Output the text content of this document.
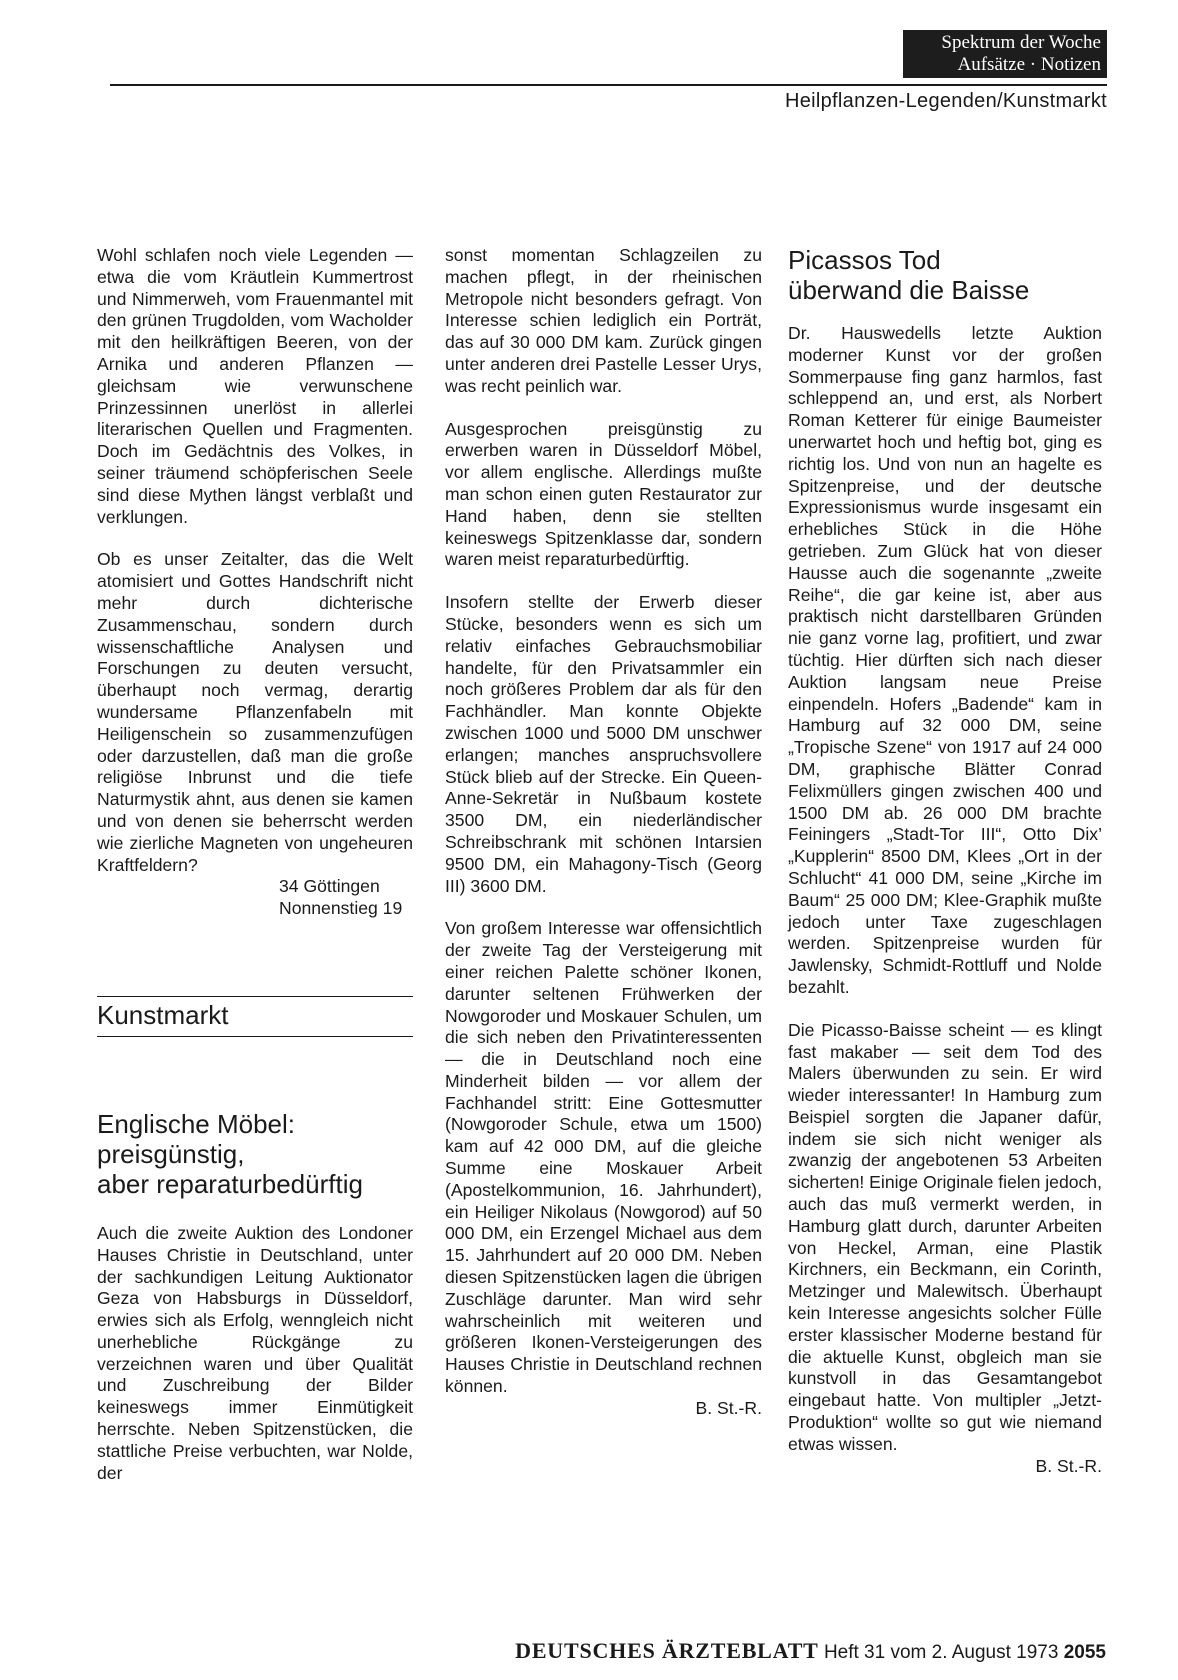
Spektrum der Woche
Aufsätze · Notizen
Heilpflanzen-Legenden/Kunstmarkt

Wohl schlafen noch viele Legenden — etwa die vom Kräutlein Kummertrost und Nimmerweh, vom Frauenmantel mit den grünen Trugdolden, vom Wacholder mit den heilkräftigen Beeren, von der Arnika und anderen Pflanzen — gleichsam wie verwunschene Prinzessinnen unerlöst in allerlei literarischen Quellen und Fragmenten. Doch im Gedächtnis des Volkes, in seiner träumend schöpferischen Seele sind diese Mythen längst verblaßt und verklungen.

Ob es unser Zeitalter, das die Welt atomisiert und Gottes Handschrift nicht mehr durch dichterische Zusammenschau, sondern durch wissenschaftliche Analysen und Forschungen zu deuten versucht, überhaupt noch vermag, derartig wundersame Pflanzenfabeln mit Heiligenschein so zusammenzufügen oder darzustellen, daß man die große religiöse Inbrunst und die tiefe Naturmystik ahnt, aus denen sie kamen und von denen sie beherrscht werden wie zierliche Magneten von ungeheuren Kraftfeldern?

34 Göttingen
Nonnenstieg 19
Kunstmarkt
Englische Möbel:
preisgünstig,
aber reparaturbedürftig

Auch die zweite Auktion des Londoner Hauses Christie in Deutschland, unter der sachkundigen Leitung Auktionator Geza von Habsburgs in Düsseldorf, erwies sich als Erfolg, wenngleich nicht unerhebliche Rückgänge zu verzeichnen waren und über Qualität und Zuschreibung der Bilder keineswegs immer Einmütigkeit herrschte. Neben Spitzenstücken, die stattliche Preise verbuchten, war Nolde, der

sonst momentan Schlagzeilen zu machen pflegt, in der rheinischen Metropole nicht besonders gefragt. Von Interesse schien lediglich ein Porträt, das auf 30 000 DM kam. Zurück gingen unter anderen drei Pastelle Lesser Urys, was recht peinlich war.

Ausgesprochen preisgünstig zu erwerben waren in Düsseldorf Möbel, vor allem englische. Allerdings mußte man schon einen guten Restaurator zur Hand haben, denn sie stellten keineswegs Spitzenklasse dar, sondern waren meist reparaturbedürftig.

Insofern stellte der Erwerb dieser Stücke, besonders wenn es sich um relativ einfaches Gebrauchsmobiliar handelte, für den Privatsammler ein noch größeres Problem dar als für den Fachhändler. Man konnte Objekte zwischen 1000 und 5000 DM unschwer erlangen; manches anspruchsvollere Stück blieb auf der Strecke. Ein Queen-Anne-Sekretär in Nußbaum kostete 3500 DM, ein niederländischer Schreibschrank mit schönen Intarsien 9500 DM, ein Mahagony-Tisch (Georg III) 3600 DM.

Von großem Interesse war offensichtlich der zweite Tag der Versteigerung mit einer reichen Palette schöner Ikonen, darunter seltenen Frühwerken der Nowgoroder und Moskauer Schulen, um die sich neben den Privatinteressenten — die in Deutschland noch eine Minderheit bilden — vor allem der Fachhandel stritt: Eine Gottesmutter (Nowgoroder Schule, etwa um 1500) kam auf 42 000 DM, auf die gleiche Summe eine Moskauer Arbeit (Apostelkommunion, 16. Jahrhundert), ein Heiliger Nikolaus (Nowgorod) auf 50 000 DM, ein Erzengel Michael aus dem 15. Jahrhundert auf 20 000 DM. Neben diesen Spitzenstücken lagen die übrigen Zuschläge darunter. Man wird sehr wahrscheinlich mit weiteren und größeren Ikonen-Versteigerungen des Hauses Christie in Deutschland rechnen können.

B. St.-R.
Picassos Tod
überwand die Baisse

Dr. Hauswedells letzte Auktion moderner Kunst vor der großen Sommerpause fing ganz harmlos, fast schleppend an, und erst, als Norbert Roman Ketterer für einige Baumeister unerwartet hoch und heftig bot, ging es richtig los. Und von nun an hagelte es Spitzenpreise, und der deutsche Expressionismus wurde insgesamt ein erhebliches Stück in die Höhe getrieben. Zum Glück hat von dieser Hausse auch die sogenannte „zweite Reihe“, die gar keine ist, aber aus praktisch nicht darstellbaren Gründen nie ganz vorne lag, profitiert, und zwar tüchtig. Hier dürften sich nach dieser Auktion langsam neue Preise einpendeln. Hofers „Badende“ kam in Hamburg auf 32 000 DM, seine „Tropische Szene“ von 1917 auf 24 000 DM, graphische Blätter Conrad Felixmüllers gingen zwischen 400 und 1500 DM ab. 26 000 DM brachte Feiningers „Stadt-Tor III“, Otto Dix’ „Kupplerin“ 8500 DM, Klees „Ort in der Schlucht“ 41 000 DM, seine „Kirche im Baum“ 25 000 DM; Klee-Graphik mußte jedoch unter Taxe zugeschlagen werden. Spitzenpreise wurden für Jawlensky, Schmidt-Rottluff und Nolde bezahlt.

Die Picasso-Baisse scheint — es klingt fast makaber — seit dem Tod des Malers überwunden zu sein. Er wird wieder interessanter! In Hamburg zum Beispiel sorgten die Japaner dafür, indem sie sich nicht weniger als zwanzig der angebotenen 53 Arbeiten sicherten! Einige Originale fielen jedoch, auch das muß vermerkt werden, in Hamburg glatt durch, darunter Arbeiten von Heckel, Arman, eine Plastik Kirchners, ein Beckmann, ein Corinth, Metzinger und Malewitsch. Überhaupt kein Interesse angesichts solcher Fülle erster klassischer Moderne bestand für die aktuelle Kunst, obgleich man sie kunstvoll in das Gesamtangebot eingebaut hatte. Von multipler „Jetzt-Produktion“ wollte so gut wie niemand etwas wissen.

B. St.-R.
DEUTSCHES ÄRZTEBLATT Heft 31 vom 2. August 1973 2055
